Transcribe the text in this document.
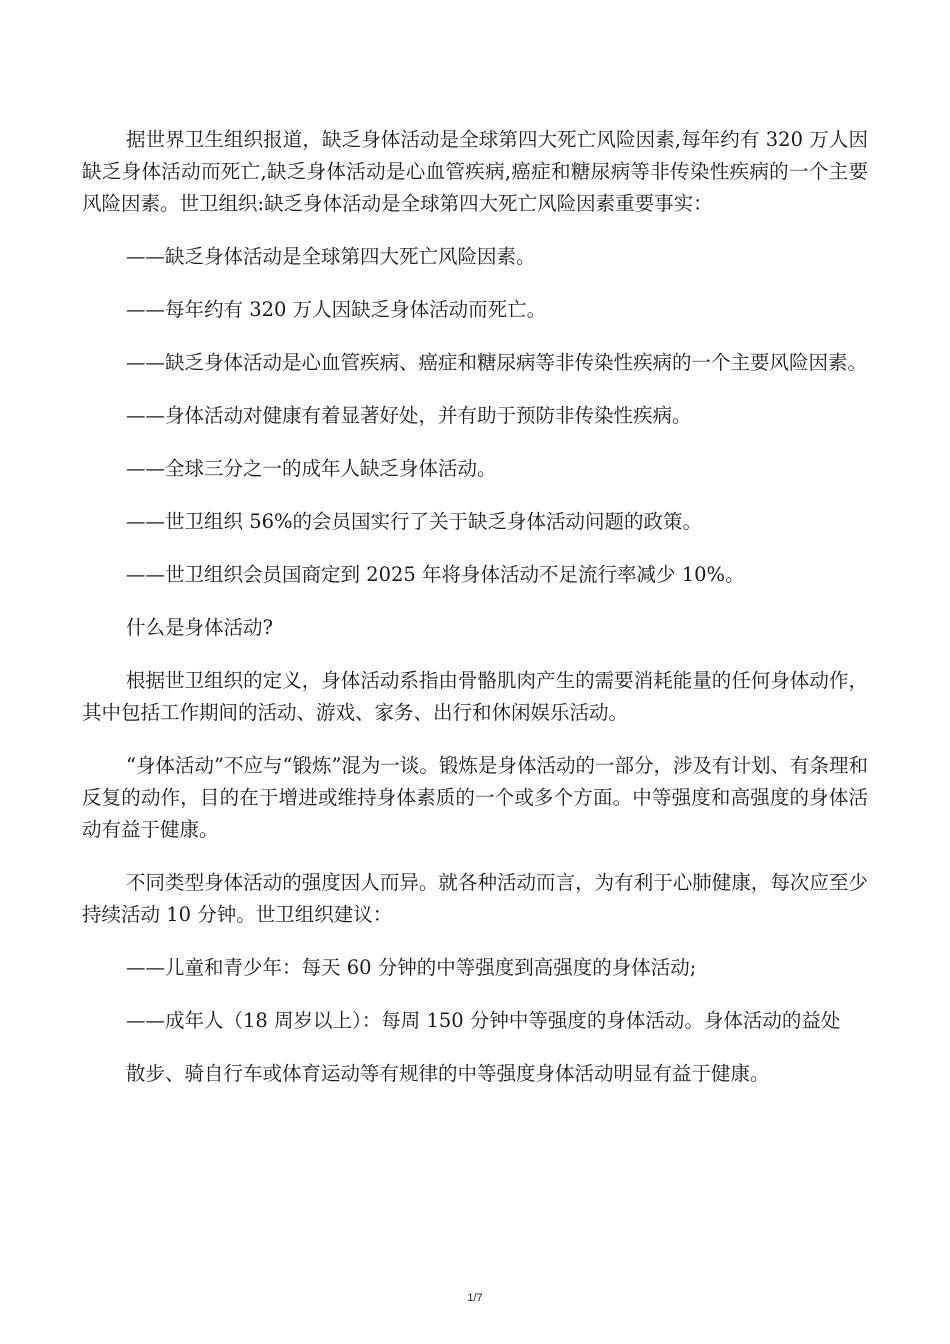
据世界卫生组织报道，缺乏身体活动是全球第四大死亡风险因素,每年约有 320 万人因缺乏身体活动而死亡,缺乏身体活动是心血管疾病,癌症和糖尿病等非传染性疾病的一个主要风险因素。世卫组织:缺乏身体活动是全球第四大死亡风险因素重要事实：

——缺乏身体活动是全球第四大死亡风险因素。

——每年约有 320 万人因缺乏身体活动而死亡。

——缺乏身体活动是心血管疾病、癌症和糖尿病等非传染性疾病的一个主要风险因素。

——身体活动对健康有着显著好处，并有助于预防非传染性疾病。

——全球三分之一的成年人缺乏身体活动。

——世卫组织 56%的会员国实行了关于缺乏身体活动问题的政策。

——世卫组织会员国商定到 2025 年将身体活动不足流行率减少 10%。

什么是身体活动?

根据世卫组织的定义，身体活动系指由骨骼肌肉产生的需要消耗能量的任何身体动作，其中包括工作期间的活动、游戏、家务、出行和休闲娱乐活动。

“身体活动”不应与“锻炼”混为一谈。锻炼是身体活动的一部分，涉及有计划、有条理和反复的动作，目的在于增进或维持身体素质的一个或多个方面。中等强度和高强度的身体活动有益于健康。

不同类型身体活动的强度因人而异。就各种活动而言，为有利于心肺健康，每次应至少持续活动 10 分钟。世卫组织建议：

——儿童和青少年：每天 60 分钟的中等强度到高强度的身体活动;

——成年人（18 周岁以上）：每周 150 分钟中等强度的身体活动。身体活动的益处

散步、骑自行车或体育运动等有规律的中等强度身体活动明显有益于健康。

1/7
